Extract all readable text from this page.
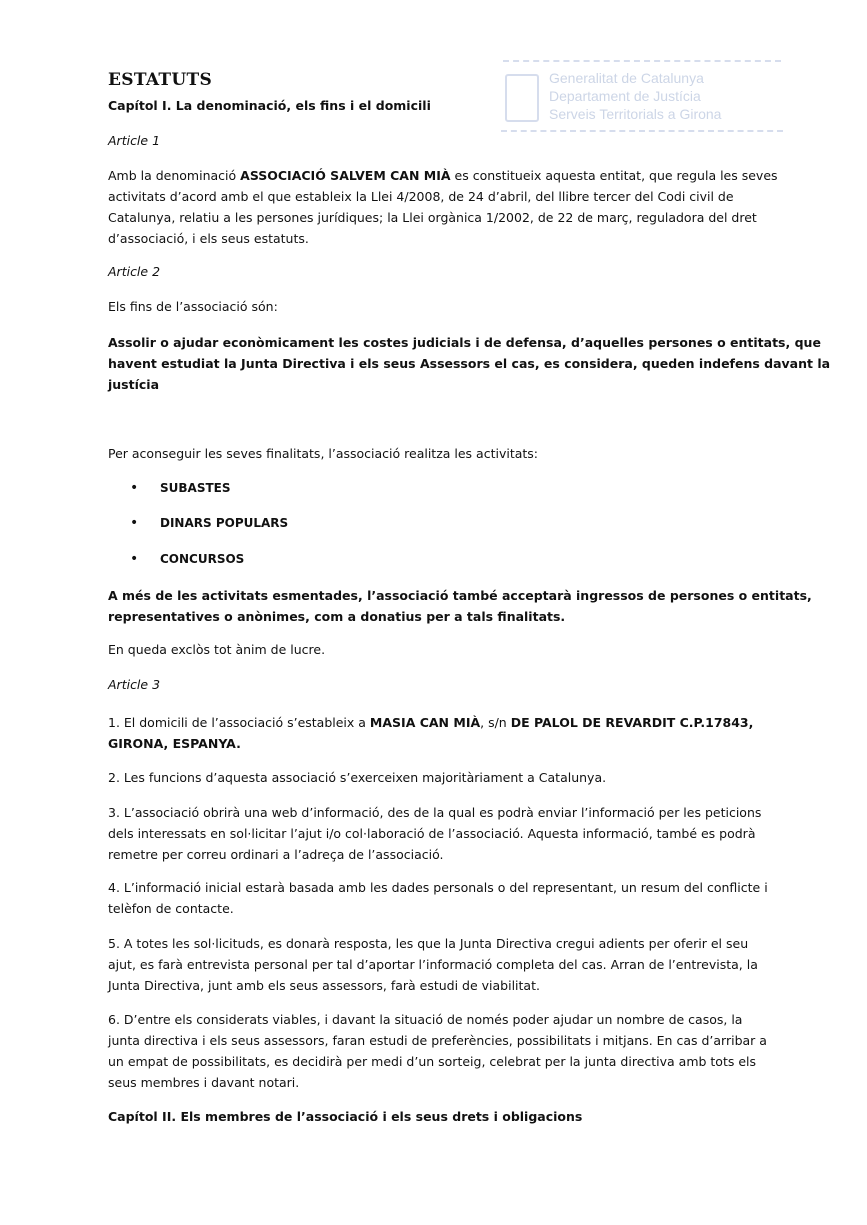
Generalitat de Catalunya
Departament de Justícia
Serveis Territorials a Girona
ESTATUTS
Capítol I. La denominació, els fins i el domicili
Article 1
Amb la denominació ASSOCIACIÓ SALVEM CAN MIÀ es constitueix aquesta entitat, que regula les seves
activitats d’acord amb el que estableix la Llei 4/2008, de 24 d’abril, del llibre tercer del Codi civil de
Catalunya, relatiu a les persones jurídiques; la Llei orgànica 1/2002, de 22 de març, reguladora del dret
d’associació, i els seus estatuts.
Article 2
Els fins de l’associació són:
Assolir o ajudar econòmicament les costes judicials i de defensa, d’aquelles persones o entitats, que
havent estudiat la Junta Directiva i els seus Assessors el cas, es considera, queden indefens davant la
justícia
Per aconseguir les seves finalitats, l’associació realitza les activitats:
• SUBASTES
• DINARS POPULARS
• CONCURSOS
A més de les activitats esmentades, l’associació també acceptarà ingressos de persones o entitats,
representatives o anònimes, com a donatius per a tals finalitats.
En queda exclòs tot ànim de lucre.
Article 3
1. El domicili de l’associació s’estableix a MASIA CAN MIÀ, s/n DE PALOL DE REVARDIT C.P.17843,
GIRONA, ESPANYA.
2. Les funcions d’aquesta associació s’exerceixen majoritàriament a Catalunya.
3. L’associació obrirà una web d’informació, des de la qual es podrà enviar l’informació per les peticions
dels interessats en sol·licitar l’ajut i/o col·laboració de l’associació. Aquesta informació, també es podrà
remetre per correu ordinari a l’adreça de l’associació.
4. L’informació inicial estarà basada amb les dades personals o del representant, un resum del conflicte i
telèfon de contacte.
5. A totes les sol·licituds, es donarà resposta, les que la Junta Directiva cregui adients per oferir el seu
ajut, es farà entrevista personal per tal d’aportar l’informació completa del cas. Arran de l’entrevista, la
Junta Directiva, junt amb els seus assessors, farà estudi de viabilitat.
6. D’entre els considerats viables, i davant la situació de només poder ajudar un nombre de casos, la
junta directiva i els seus assessors, faran estudi de preferències, possibilitats i mitjans. En cas d’arribar a
un empat de possibilitats, es decidirà per medi d’un sorteig, celebrat per la junta directiva amb tots els
seus membres i davant notari.
Capítol II. Els membres de l’associació i els seus drets i obligacions
